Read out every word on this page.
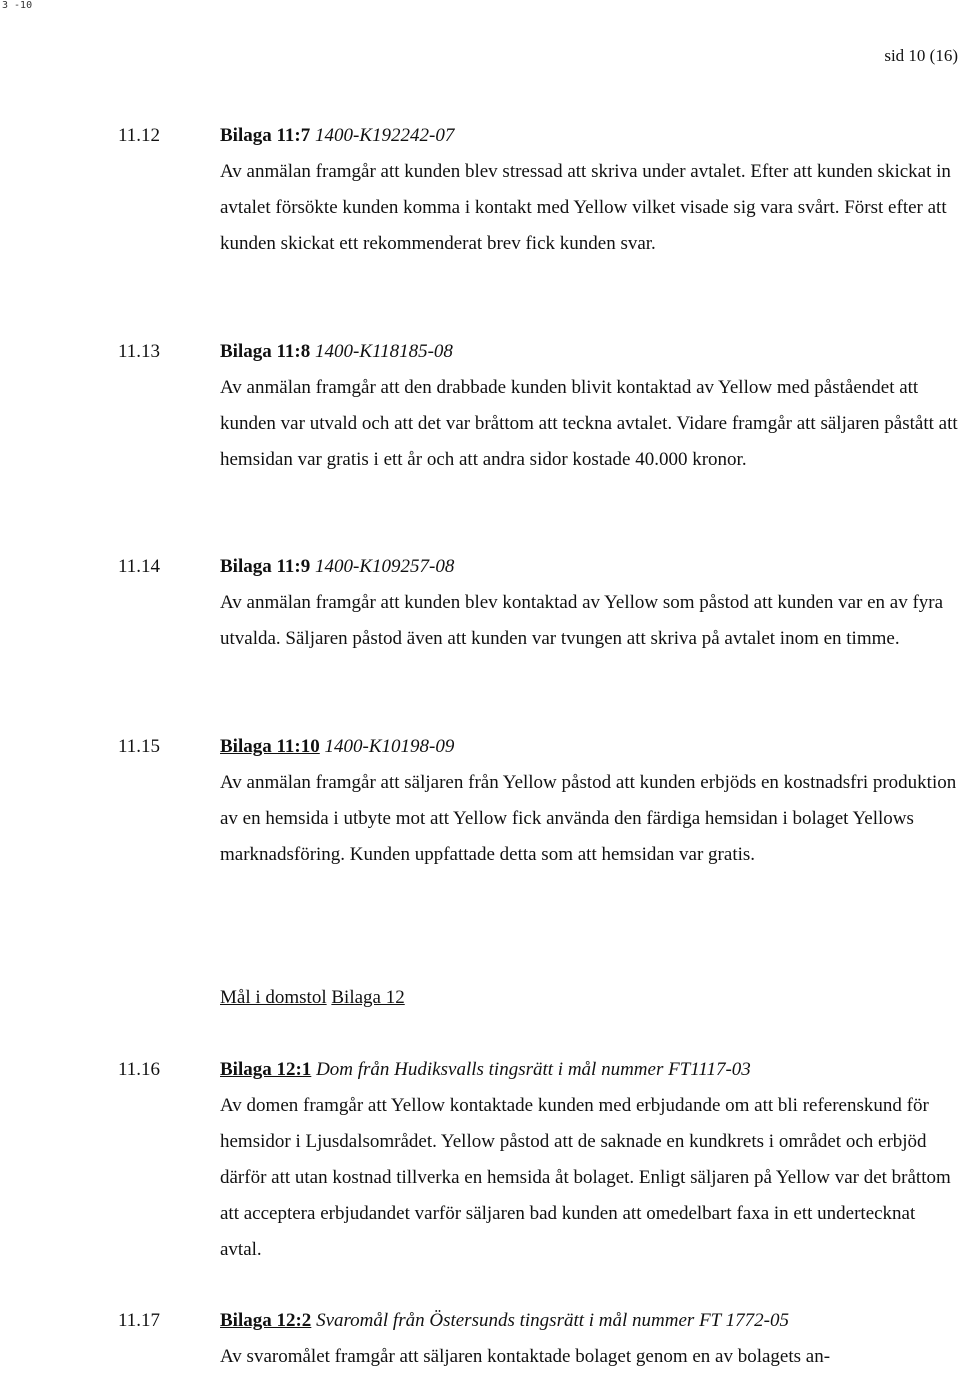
3 -10
sid 10 (16)
11.12	Bilaga 11:7 1400-K192242-07
Av anmälan framgår att kunden blev stressad att skriva under avtalet. Efter att kunden skickat in avtalet försökte kunden komma i kontakt med Yellow vilket visade sig vara svårt. Först efter att kunden skickat ett rekommenderat brev fick kunden svar.
11.13	Bilaga 11:8 1400-K118185-08
Av anmälan framgår att den drabbade kunden blivit kontaktad av Yellow med påståendet att kunden var utvald och att det var bråttom att teckna avtalet. Vidare framgår att säljaren påstått att hemsidan var gratis i ett år och att andra sidor kostade 40.000 kronor.
11.14	Bilaga 11:9 1400-K109257-08
Av anmälan framgår att kunden blev kontaktad av Yellow som påstod att kunden var en av fyra utvalda. Säljaren påstod även att kunden var tvungen att skriva på avtalet inom en timme.
11.15	Bilaga 11:10 1400-K10198-09
Av anmälan framgår att säljaren från Yellow påstod att kunden erbjöds en kostnadsfri produktion av en hemsida i utbyte mot att Yellow fick använda den färdiga hemsidan i bolaget Yellows marknadsföring. Kunden uppfattade detta som att hemsidan var gratis.
Mål i domstol Bilaga 12
11.16	Bilaga 12:1 Dom från Hudiksvalls tingsrätt i mål nummer FT1117-03
Av domen framgår att Yellow kontaktade kunden med erbjudande om att bli referenskund för hemsidor i Ljusdalsområdet. Yellow påstod att de saknade en kundkrets i området och erbjöd därför att utan kostnad tillverka en hemsida åt bolaget. Enligt säljaren på Yellow var det bråttom att acceptera erbjudandet varför säljaren bad kunden att omedelbart faxa in ett undertecknat avtal.
11.17	Bilaga 12:2 Svaromål från Östersunds tingsrätt i mål nummer FT 1772-05
Av svaromålet framgår att säljaren kontaktade bolaget genom en av bolagets an-
